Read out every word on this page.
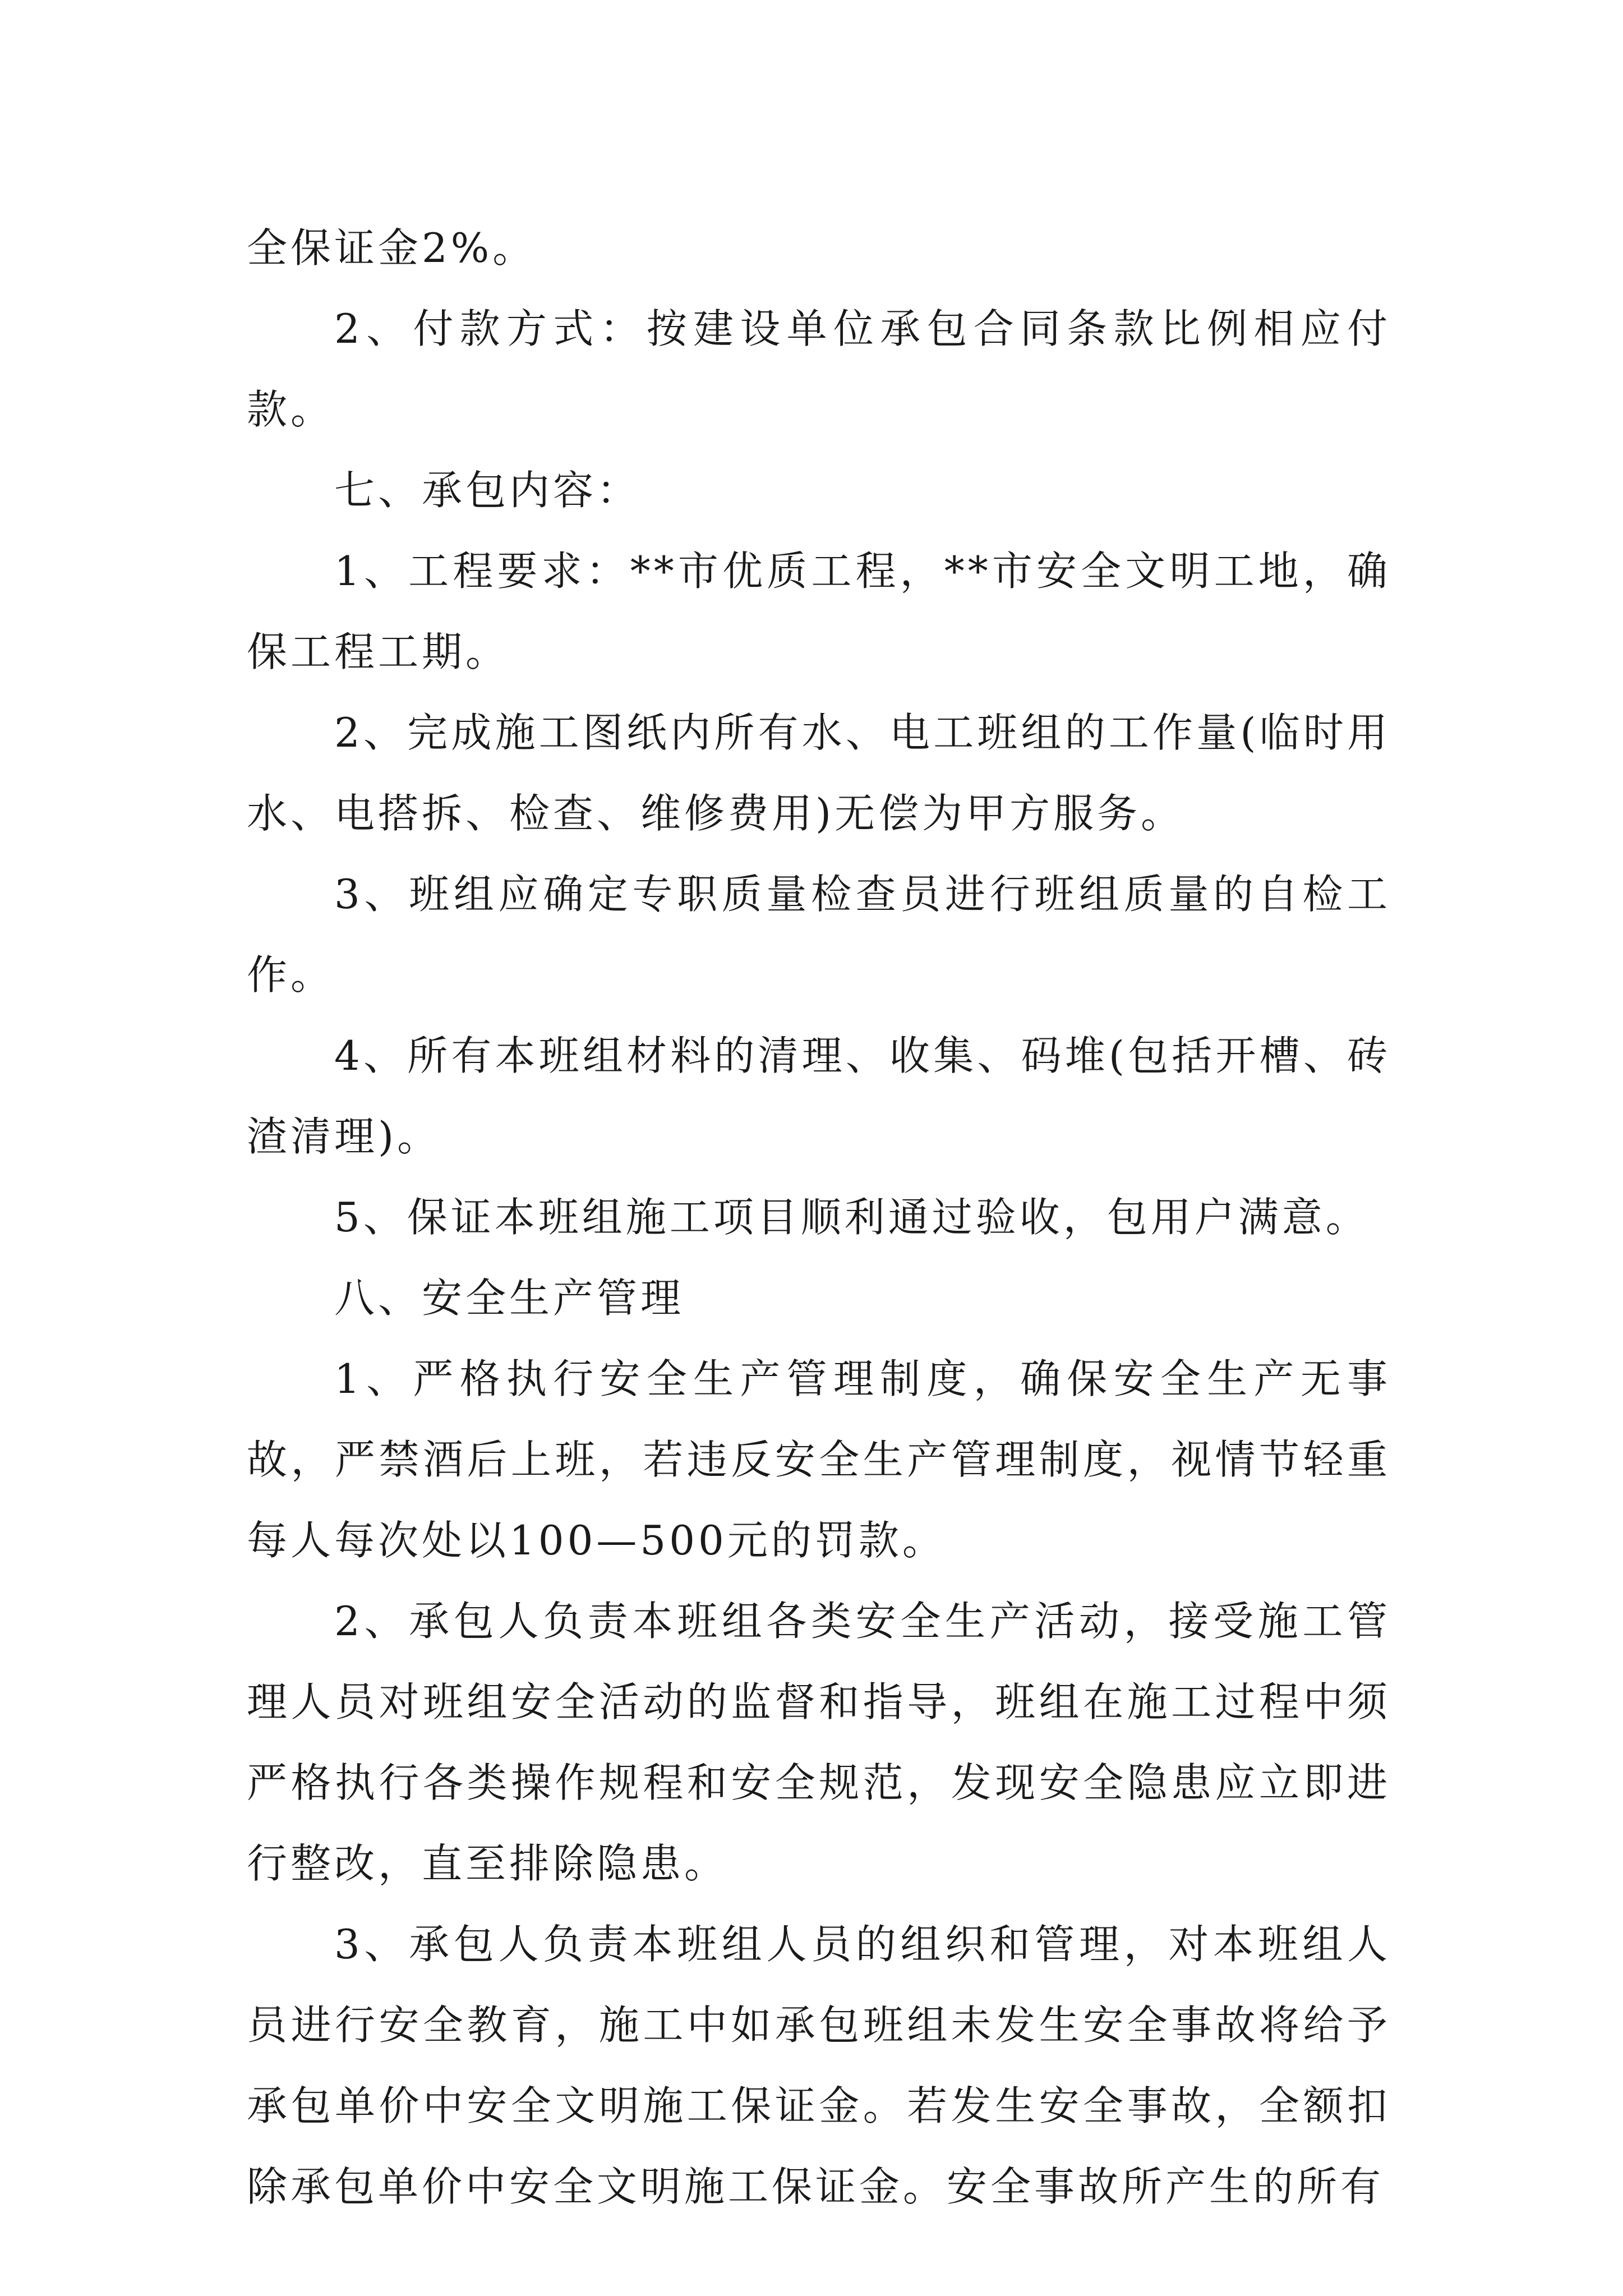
全保证金2%。

2、付款方式：按建设单位承包合同条款比例相应付款。

七、承包内容：

1、工程要求：**市优质工程，**市安全文明工地，确保工程工期。

2、完成施工图纸内所有水、电工班组的工作量(临时用水、电搭拆、检查、维修费用)无偿为甲方服务。

3、班组应确定专职质量检查员进行班组质量的自检工作。

4、所有本班组材料的清理、收集、码堆(包括开槽、砖渣清理)。

5、保证本班组施工项目顺利通过验收，包用户满意。

八、安全生产管理

1、严格执行安全生产管理制度，确保安全生产无事故，严禁酒后上班，若违反安全生产管理制度，视情节轻重每人每次处以100—500元的罚款。

2、承包人负责本班组各类安全生产活动，接受施工管理人员对班组安全活动的监督和指导，班组在施工过程中须严格执行各类操作规程和安全规范，发现安全隐患应立即进行整改，直至排除隐患。

3、承包人负责本班组人员的组织和管理，对本班组人员进行安全教育，施工中如承包班组未发生安全事故将给予承包单价中安全文明施工保证金。若发生安全事故，全额扣除承包单价中安全文明施工保证金。安全事故所产生的所有
